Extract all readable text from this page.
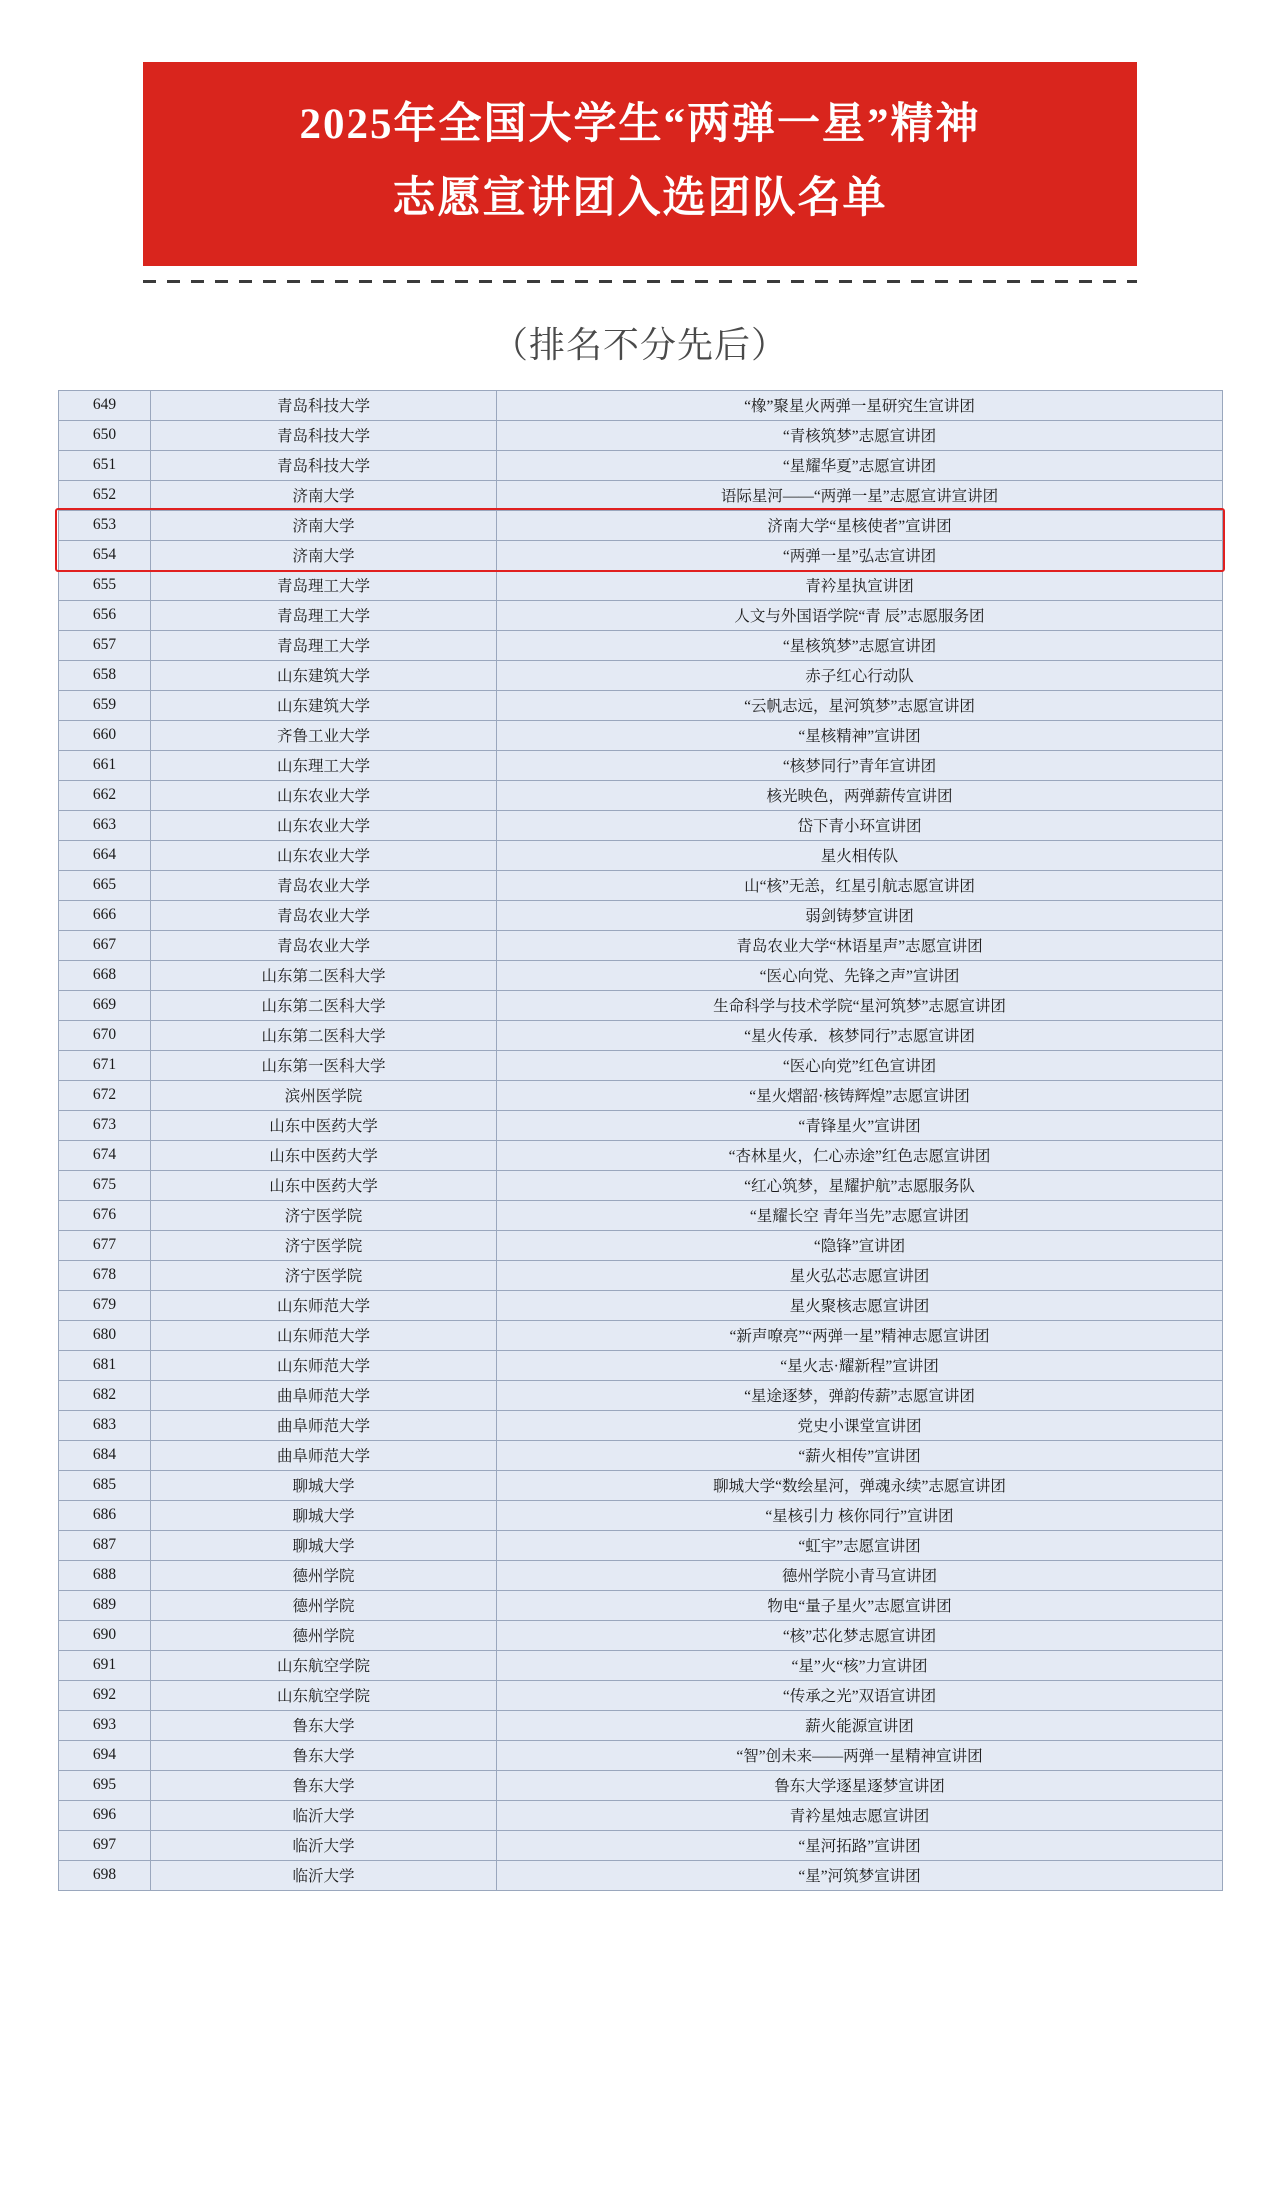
2025年全国大学生“两弹一星”精神
志愿宣讲团入选团队名单
（排名不分先后）
649	青岛科技大学	“橡”聚星火两弹一星研究生宣讲团
650	青岛科技大学	“青核筑梦”志愿宣讲团
651	青岛科技大学	“星耀华夏”志愿宣讲团
652	济南大学	语际星河——“两弹一星”志愿宣讲宣讲团
653	济南大学	济南大学“星核使者”宣讲团
654	济南大学	“两弹一星”弘志宣讲团
655	青岛理工大学	青衿星执宣讲团
656	青岛理工大学	人文与外国语学院“青 辰”志愿服务团
657	青岛理工大学	“星核筑梦”志愿宣讲团
658	山东建筑大学	赤子红心行动队
659	山东建筑大学	“云帆志远，星河筑梦”志愿宣讲团
660	齐鲁工业大学	“星核精神”宣讲团
661	山东理工大学	“核梦同行”青年宣讲团
662	山东农业大学	核光映色，两弹薪传宣讲团
663	山东农业大学	岱下青小环宣讲团
664	山东农业大学	星火相传队
665	青岛农业大学	山“核”无恙，红星引航志愿宣讲团
666	青岛农业大学	弱剑铸梦宣讲团
667	青岛农业大学	青岛农业大学“林语星声”志愿宣讲团
668	山东第二医科大学	“医心向党、先锋之声”宣讲团
669	山东第二医科大学	生命科学与技术学院“星河筑梦”志愿宣讲团
670	山东第二医科大学	“星火传承．核梦同行”志愿宣讲团
671	山东第一医科大学	“医心向党”红色宣讲团
672	滨州医学院	“星火熠韶·核铸辉煌”志愿宣讲团
673	山东中医药大学	“青锋星火”宣讲团
674	山东中医药大学	“杏林星火，仁心赤途”红色志愿宣讲团
675	山东中医药大学	“红心筑梦，星耀护航”志愿服务队
676	济宁医学院	“星耀长空 青年当先”志愿宣讲团
677	济宁医学院	“隐锋”宣讲团
678	济宁医学院	星火弘芯志愿宣讲团
679	山东师范大学	星火聚核志愿宣讲团
680	山东师范大学	“新声嘹亮”“两弹一星”精神志愿宣讲团
681	山东师范大学	“星火志·耀新程”宣讲团
682	曲阜师范大学	“星途逐梦，弹韵传薪”志愿宣讲团
683	曲阜师范大学	党史小课堂宣讲团
684	曲阜师范大学	“薪火相传”宣讲团
685	聊城大学	聊城大学“数绘星河，弹魂永续”志愿宣讲团
686	聊城大学	“星核引力 核你同行”宣讲团
687	聊城大学	“虹宇”志愿宣讲团
688	德州学院	德州学院小青马宣讲团
689	德州学院	物电“量子星火”志愿宣讲团
690	德州学院	“核”芯化梦志愿宣讲团
691	山东航空学院	“星”火“核”力宣讲团
692	山东航空学院	“传承之光”双语宣讲团
693	鲁东大学	薪火能源宣讲团
694	鲁东大学	“智”创未来——两弹一星精神宣讲团
695	鲁东大学	鲁东大学逐星逐梦宣讲团
696	临沂大学	青衿星烛志愿宣讲团
697	临沂大学	“星河拓路”宣讲团
698	临沂大学	“星”河筑梦宣讲团
